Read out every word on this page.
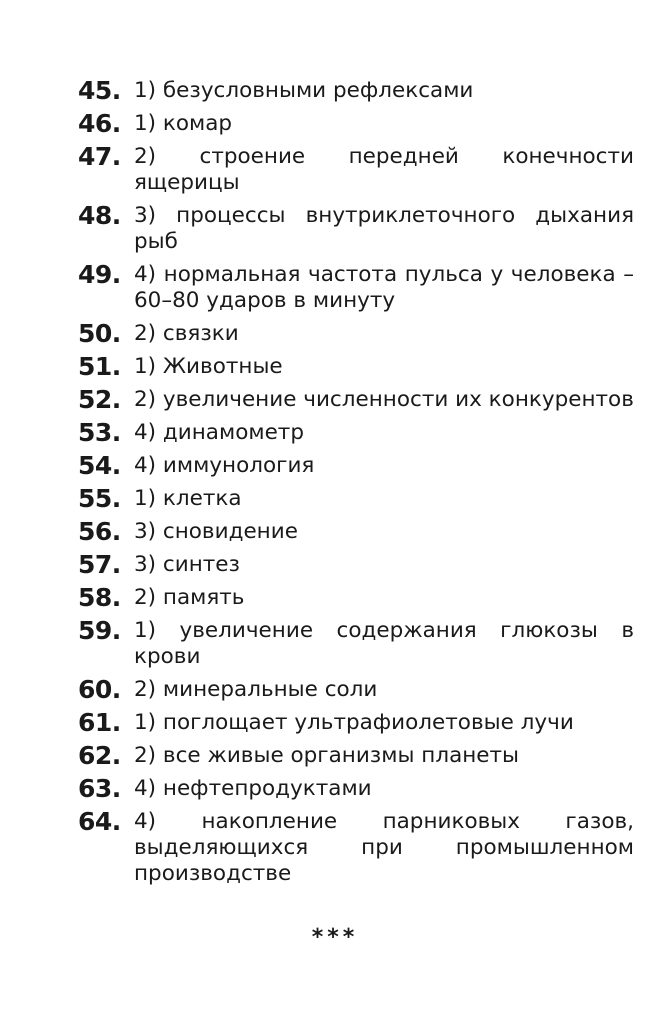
45. 1) безусловными рефлексами
46. 1) комар
47. 2) строение передней конечности ящерицы
48. 3) процессы внутриклеточного дыхания рыб
49. 4) нормальная частота пульса у человека – 60–80 ударов в минуту
50. 2) связки
51. 1) Животные
52. 2) увеличение численности их конкурентов
53. 4) динамометр
54. 4) иммунология
55. 1) клетка
56. 3) сновидение
57. 3) синтез
58. 2) память
59. 1) увеличение содержания глюкозы в крови
60. 2) минеральные соли
61. 1) поглощает ультрафиолетовые лучи
62. 2) все живые организмы планеты
63. 4) нефтепродуктами
64. 4) накопление парниковых газов, выделяющихся при промышленном производстве
***
